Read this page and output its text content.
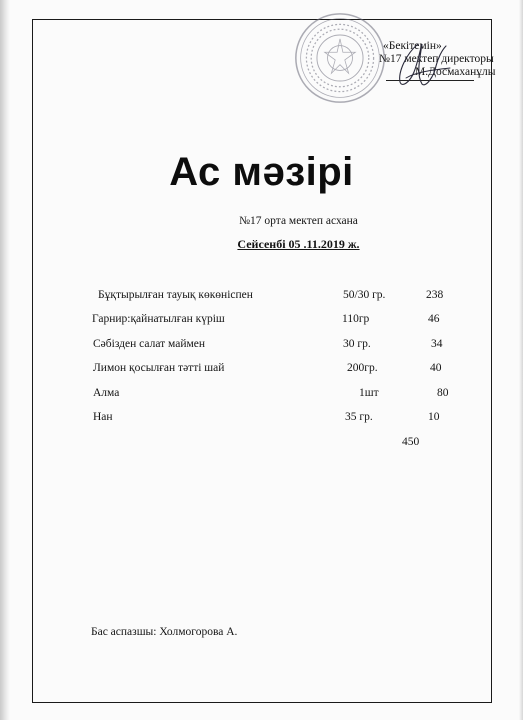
«Бекітемін»
№17 мектеп директоры
М.Досмаханұлы
Ас мәзірі
№17 орта мектеп асхана
Сейсенбі 05 .11.2019 ж.
Бұқтырылған тауық көкөніспен	50/30 гр.	238
Гарнир:қайнатылған күріш	110гр	46
Сәбізден салат маймен	30 гр.	34
Лимон қосылған тәтті шай	200гр.	40
Алма	1шт	80
Нан	35 гр.	10
450
Бас аспазшы: Холмогорова А.
